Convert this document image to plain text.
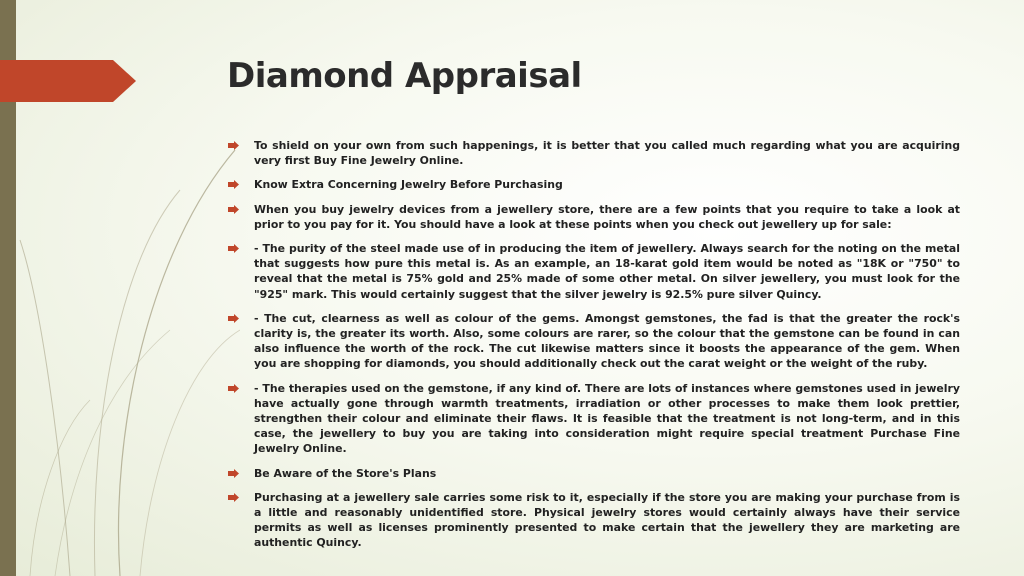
Diamond Appraisal
To shield on your own from such happenings, it is better that you called much regarding what you are acquiring very first Buy Fine Jewelry Online.
Know Extra Concerning Jewelry Before Purchasing
When you buy jewelry devices from a jewellery store, there are a few points that you require to take a look at prior to you pay for it. You should have a look at these points when you check out jewellery up for sale:
- The purity of the steel made use of in producing the item of jewellery. Always search for the noting on the metal that suggests how pure this metal is. As an example, an 18-karat gold item would be noted as "18K or "750" to reveal that the metal is 75% gold and 25% made of some other metal. On silver jewellery, you must look for the "925" mark. This would certainly suggest that the silver jewelry is 92.5% pure silver Quincy.
- The cut, clearness as well as colour of the gems. Amongst gemstones, the fad is that the greater the rock's clarity is, the greater its worth. Also, some colours are rarer, so the colour that the gemstone can be found in can also influence the worth of the rock. The cut likewise matters since it boosts the appearance of the gem. When you are shopping for diamonds, you should additionally check out the carat weight or the weight of the ruby.
- The therapies used on the gemstone, if any kind of. There are lots of instances where gemstones used in jewelry have actually gone through warmth treatments, irradiation or other processes to make them look prettier, strengthen their colour and eliminate their flaws. It is feasible that the treatment is not long-term, and in this case, the jewellery to buy you are taking into consideration might require special treatment Purchase Fine Jewelry Online.
Be Aware of the Store's Plans
Purchasing at a jewellery sale carries some risk to it, especially if the store you are making your purchase from is a little and reasonably unidentified store. Physical jewelry stores would certainly always have their service permits as well as licenses prominently presented to make certain that the jewellery they are marketing are authentic Quincy.
